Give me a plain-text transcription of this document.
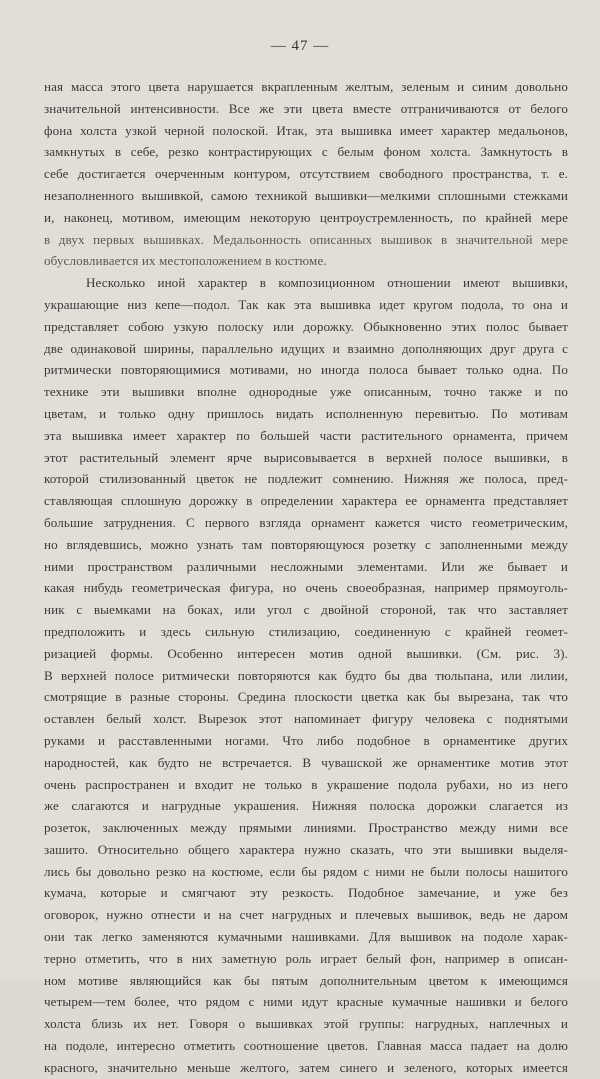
— 47 —
ная масса этого цвета нарушается вкрапленным желтым, зеленым и синим довольно
значительной интенсивности. Все же эти цвета вместе отграничиваются от белого
фона холста узкой черной полоской. Итак, эта вышивка имеет характер медальонов,
замкнутых в себе, резко контрастирующих с белым фоном холста. Замкнутость в
себе достигается очерченным контуром, отсутствием свободного пространства, т. е.
незаполненного вышивкой, самою техникой вышивки—мелкими сплошными стежками
и, наконец, мотивом, имеющим некоторую центроустремленность, по крайней мере
в двух первых вышивках. Медальонность описанных вышивок в значительной мере
обусловливается их местоположением в костюме.
Несколько иной характер в композиционном отношении имеют вышивки,
украшающие низ кепе—подол. Так как эта вышивка идет кругом подола, то она и
представляет собою узкую полоску или дорожку. Обыкновенно этих полос бывает
две одинаковой ширины, параллельно идущих и взаимно дополняющих друг друга с
ритмически повторяющимися мотивами, но иногда полоса бывает только одна. По
технике эти вышивки вполне однородные уже описанным, точно также и по
цветам, и только одну пришлось видать исполненную перевитью. По мотивам
эта вышивка имеет характер по большей части растительного орнамента, причем
этот растительный элемент ярче вырисовывается в верхней полосе вышивки, в
которой стилизованный цветок не подлежит сомнению. Нижняя же полоса, пред-
ставляющая сплошную дорожку в определении характера ее орнамента представляет
большие затруднения. С первого взгляда орнамент кажется чисто геометрическим,
но вглядевшись, можно узнать там повторяющуюся розетку с заполненными между
ними пространством различными несложными элементами. Или же бывает и
какая нибудь геометрическая фигура, но очень своеобразная, например прямоуголь-
ник с выемками на боках, или угол с двойной стороной, так что заставляет
предположить и здесь сильную стилизацию, соединенную с крайней геомет-
ризацией формы. Особенно интересен мотив одной вышивки. (См. рис. 3).
В верхней полосе ритмически повторяются как будто бы два тюльпана, или лилии,
смотрящие в разные стороны. Средина плоскости цветка как бы вырезана, так что
оставлен белый холст. Вырезок этот напоминает фигуру человека с поднятыми
руками и расставленными ногами. Что либо подобное в орнаментике других
народностей, как будто не встречается. В чувашской же орнаментике мотив этот
очень распространен и входит не только в украшение подола рубахи, но из него
же слагаются и нагрудные украшения. Нижняя полоска дорожки слагается из
розеток, заключенных между прямыми линиями. Пространство между ними все
зашито. Относительно общего характера нужно сказать, что эти вышивки выделя-
лись бы довольно резко на костюме, если бы рядом с ними не были полосы нашитого
кумача, которые и смягчают эту резкость. Подобное замечание, и уже без
оговорок, нужно отнести и на счет нагрудных и плечевых вышивок, ведь не даром
они так легко заменяются кумачными нашивками. Для вышивок на подоле харак-
терно отметить, что в них заметную роль играет белый фон, например в описан-
ном мотиве являющийся как бы пятым дополнительным цветом к имеющимся
четырем—тем более, что рядом с ними идут красные кумачные нашивки и белого
холста близь их нет. Говоря о вышивках этой группы: нагрудных, наплечных и
на подоле, интересно отметить соотношение цветов. Главная масса падает на долю
красного, значительно меньше желтого, затем синего и зеленого, которых имеется
